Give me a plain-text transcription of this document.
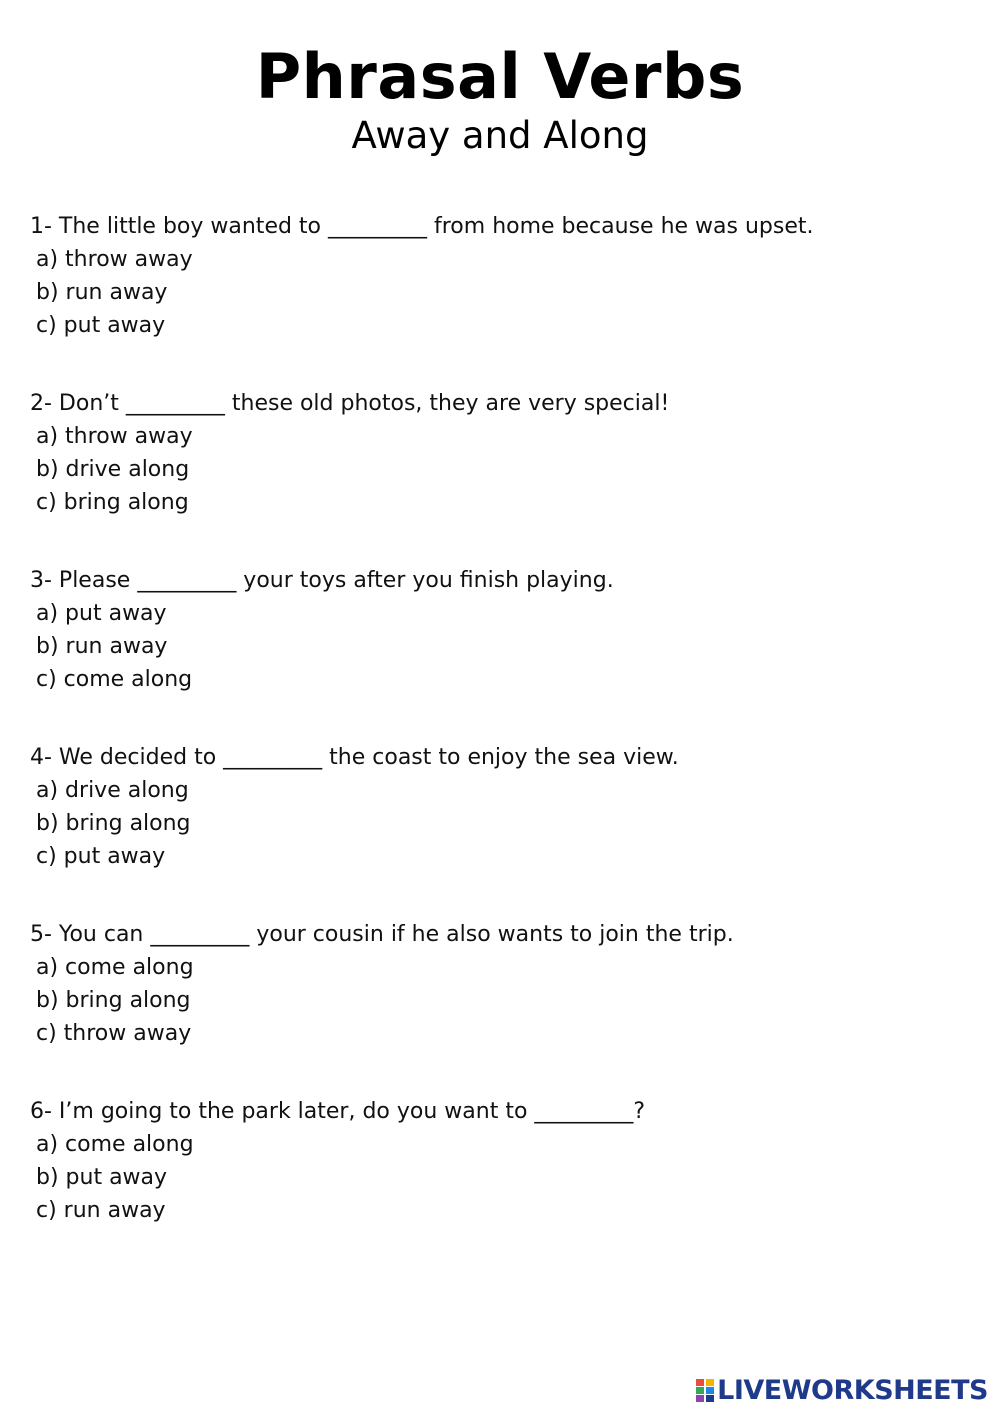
Phrasal Verbs
Away and Along
1- The little boy wanted to _________ from home because he was upset.
a) throw away
b) run away
c) put away
2- Don’t _________ these old photos, they are very special!
a) throw away
b) drive along
c) bring along
3- Please _________ your toys after you finish playing.
a) put away
b) run away
c) come along
4- We decided to _________ the coast to enjoy the sea view.
a) drive along
b) bring along
c) put away
5- You can _________ your cousin if he also wants to join the trip.
a) come along
b) bring along
c) throw away
6- I’m going to the park later, do you want to _________?
a) come along
b) put away
c) run away
LIVEWORKSHEETS
